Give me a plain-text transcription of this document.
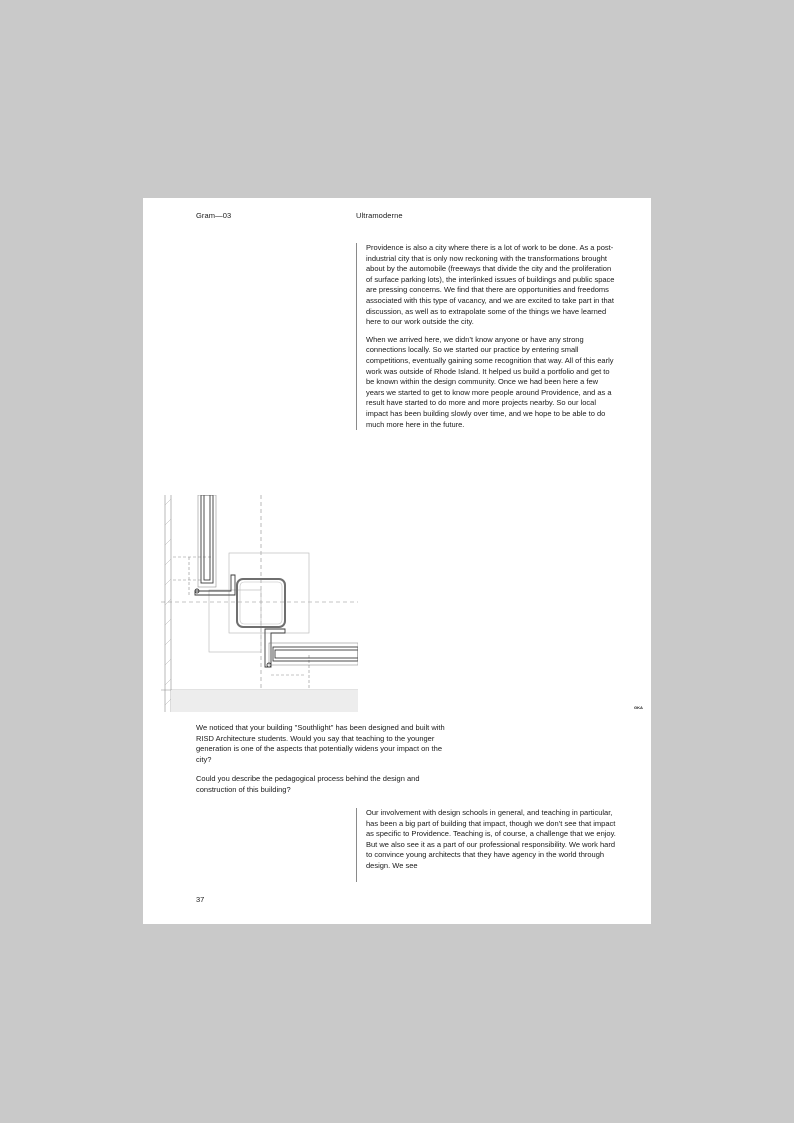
Gram—03	Ultramoderne

Providence is also a city where there is a lot of work to be done. As a post-industrial city that is only now reckoning with the transformations brought about by the automobile (freeways that divide the city and the proliferation of surface parking lots), the interlinked issues of buildings and public space are pressing concerns. We find that there are opportunities and freedoms associated with this type of vacancy, and we are excited to take part in that discussion, as well as to extrapolate some of the things we have learned here to our work outside the city.

When we arrived here, we didn’t know anyone or have any strong connections locally. So we started our practice by entering small competitions, eventually gaining some recognition that way. All of this early work was outside of Rhode Island. It helped us build a portfolio and get to be known within the design community. Once we had been here a few years we started to get to know more people around Providence, and as a result have started to do more and more projects nearby. So our local impact has been building slowly over time, and we hope to be able to do much more here in the future.

GKA

We noticed that your building "Southlight" has been designed and built with RISD Architecture students. Would you say that teaching to the younger generation is one of the aspects that potentially widens your impact on the city?

Could you describe the pedagogical process behind the design and construction of this building?

Our involvement with design schools in general, and teaching in particular, has been a big part of building that impact, though we don’t see that impact as specific to Providence. Teaching is, of course, a challenge that we enjoy. But we also see it as a part of our professional responsibility. We work hard to convince young architects that they have agency in the world through design. We see

37
